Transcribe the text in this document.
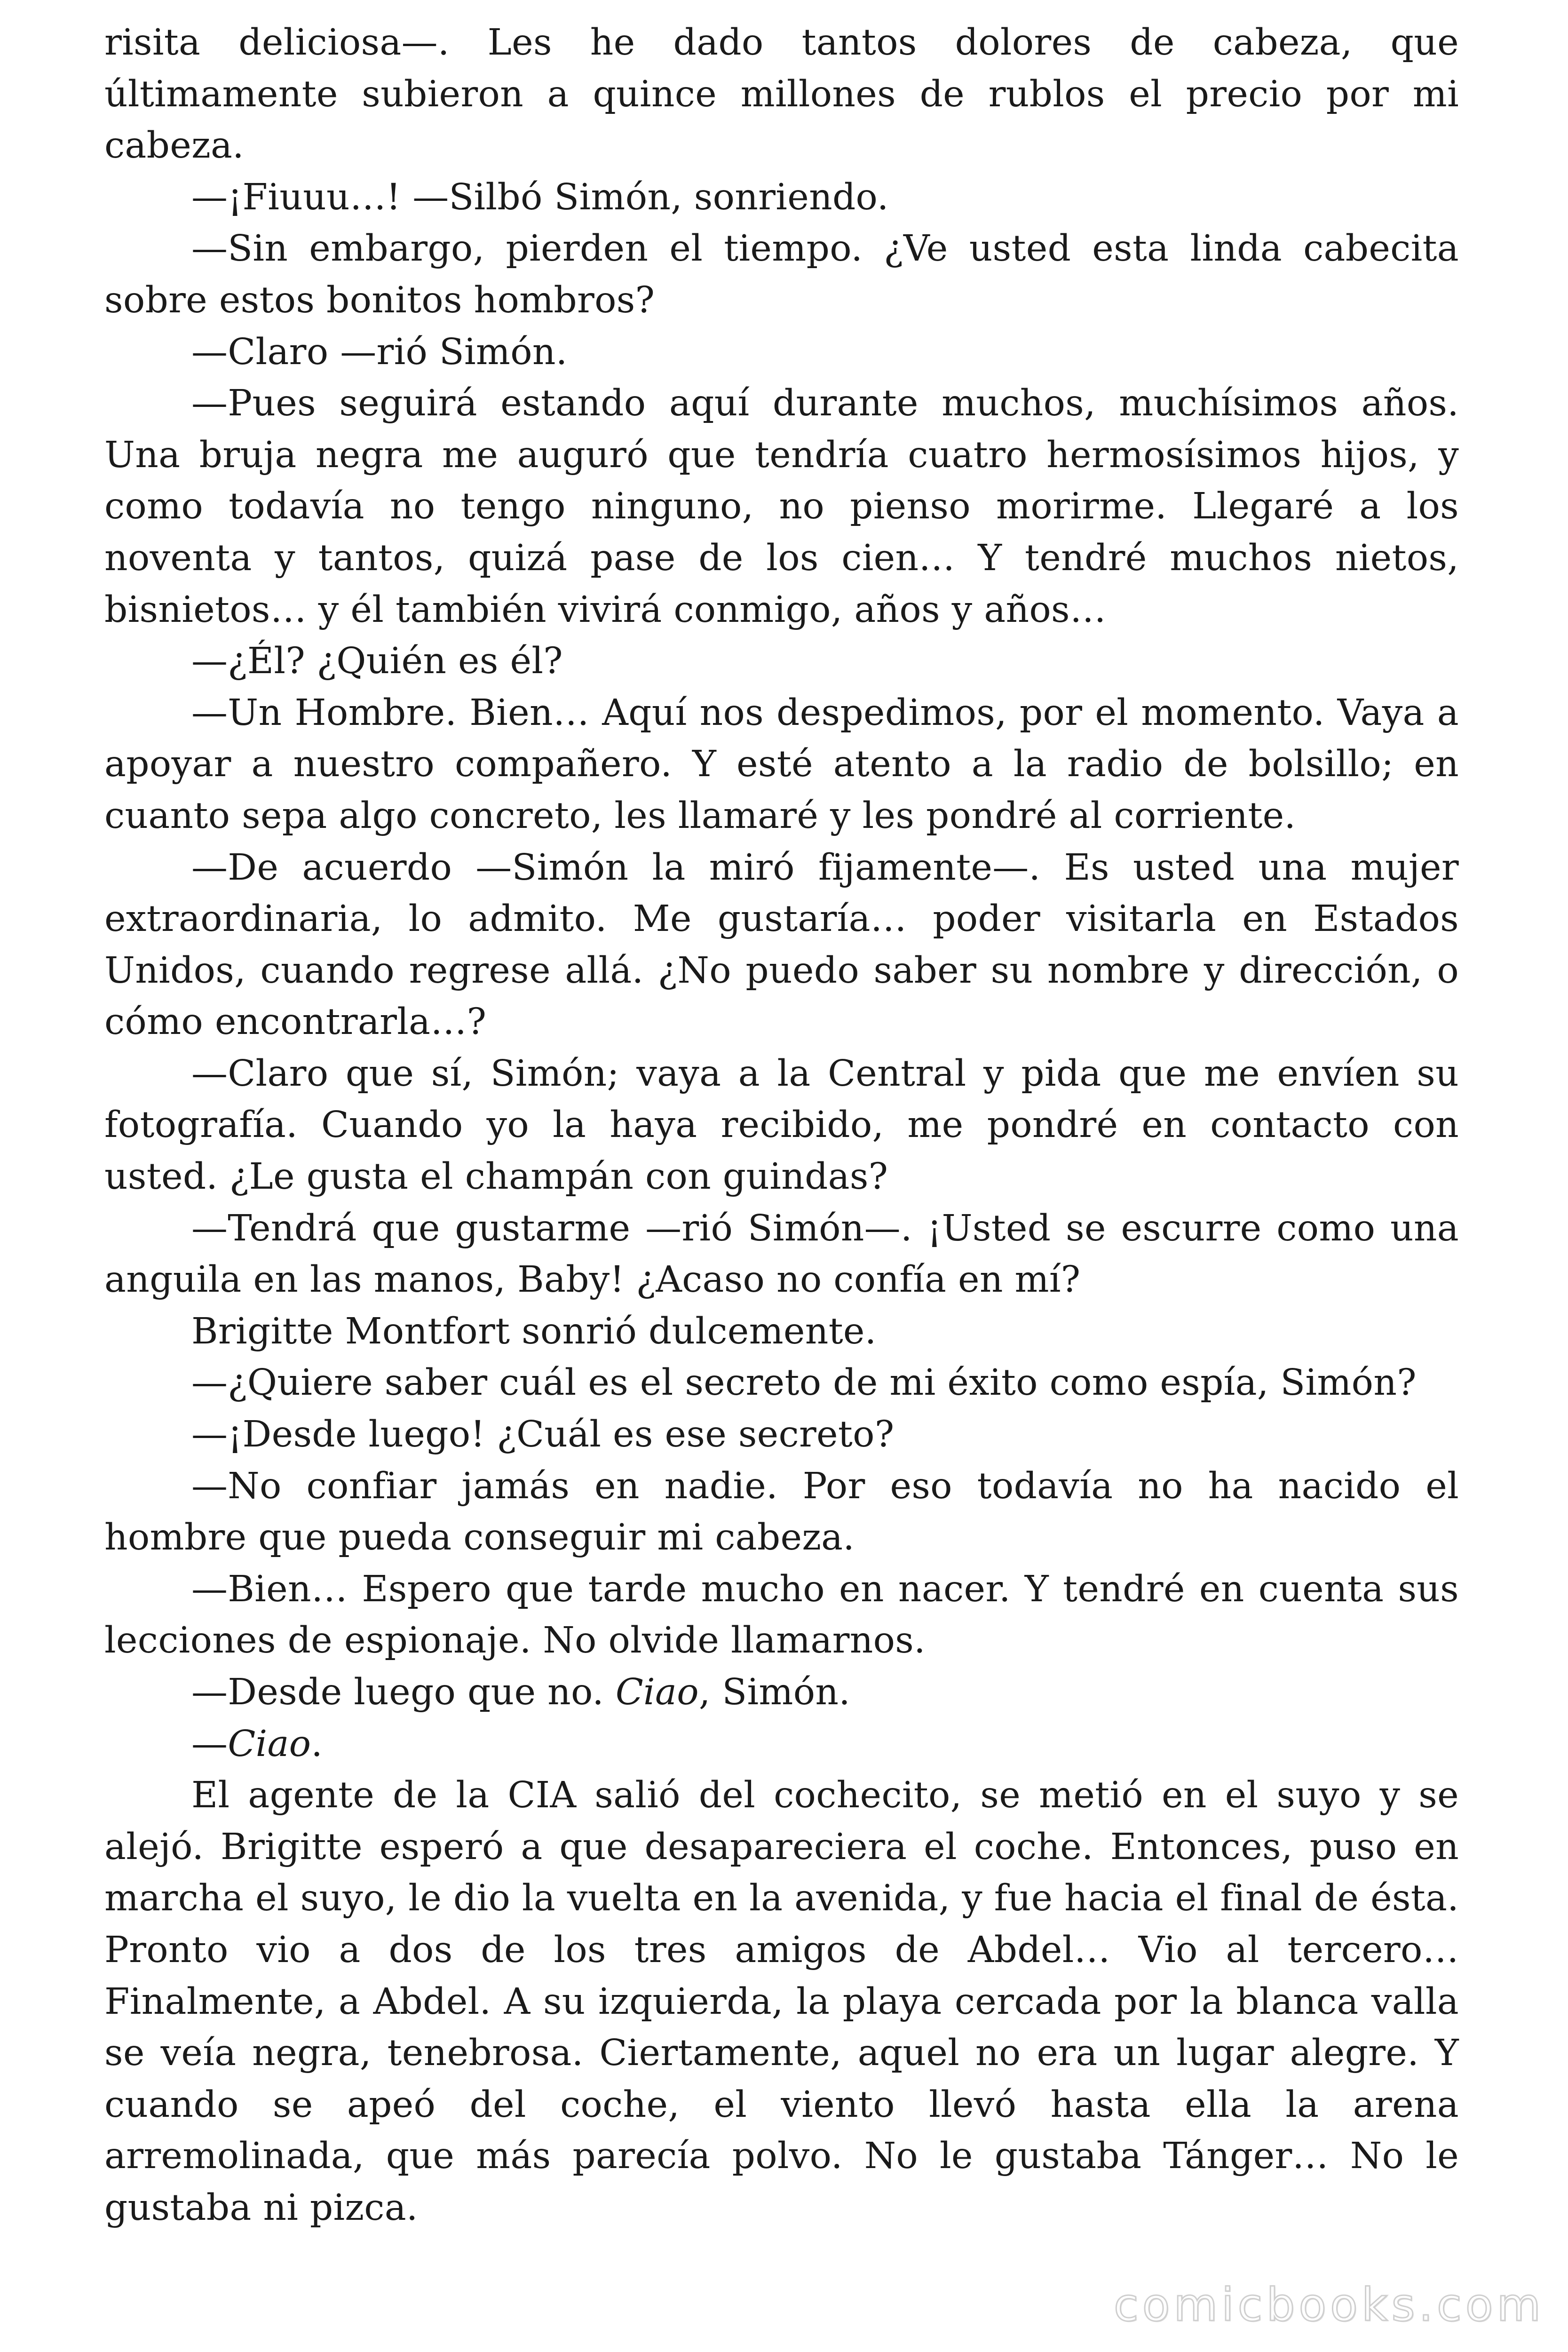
risita deliciosa—. Les he dado tantos dolores de cabeza, que últimamente subieron a quince millones de rublos el precio por mi cabeza.

—¡Fiuuu…! —Silbó Simón, sonriendo.

—Sin embargo, pierden el tiempo. ¿Ve usted esta linda cabecita sobre estos bonitos hombros?

—Claro —rió Simón.

—Pues seguirá estando aquí durante muchos, muchísimos años. Una bruja negra me auguró que tendría cuatro hermosísimos hijos, y como todavía no tengo ninguno, no pienso morirme. Llegaré a los noventa y tantos, quizá pase de los cien… Y tendré muchos nietos, bisnietos… y él también vivirá conmigo, años y años…

—¿Él? ¿Quién es él?

—Un Hombre. Bien… Aquí nos despedimos, por el momento. Vaya a apoyar a nuestro compañero. Y esté atento a la radio de bolsillo; en cuanto sepa algo concreto, les llamaré y les pondré al corriente.

—De acuerdo —Simón la miró fijamente—. Es usted una mujer extraordinaria, lo admito. Me gustaría… poder visitarla en Estados Unidos, cuando regrese allá. ¿No puedo saber su nombre y dirección, o cómo encontrarla…?

—Claro que sí, Simón; vaya a la Central y pida que me envíen su fotografía. Cuando yo la haya recibido, me pondré en contacto con usted. ¿Le gusta el champán con guindas?

—Tendrá que gustarme —rió Simón—. ¡Usted se escurre como una anguila en las manos, Baby! ¿Acaso no confía en mí?

Brigitte Montfort sonrió dulcemente.

—¿Quiere saber cuál es el secreto de mi éxito como espía, Simón?

—¡Desde luego! ¿Cuál es ese secreto?

—No confiar jamás en nadie. Por eso todavía no ha nacido el hombre que pueda conseguir mi cabeza.

—Bien… Espero que tarde mucho en nacer. Y tendré en cuenta sus lecciones de espionaje. No olvide llamarnos.

—Desde luego que no. Ciao, Simón.

—Ciao.

El agente de la CIA salió del cochecito, se metió en el suyo y se alejó. Brigitte esperó a que desapareciera el coche. Entonces, puso en marcha el suyo, le dio la vuelta en la avenida, y fue hacia el final de ésta. Pronto vio a dos de los tres amigos de Abdel… Vio al tercero… Finalmente, a Abdel. A su izquierda, la playa cercada por la blanca valla se veía negra, tenebrosa. Ciertamente, aquel no era un lugar alegre. Y cuando se apeó del coche, el viento llevó hasta ella la arena arremolinada, que más parecía polvo. No le gustaba Tánger… No le gustaba ni pizca.

comicbooks.com
